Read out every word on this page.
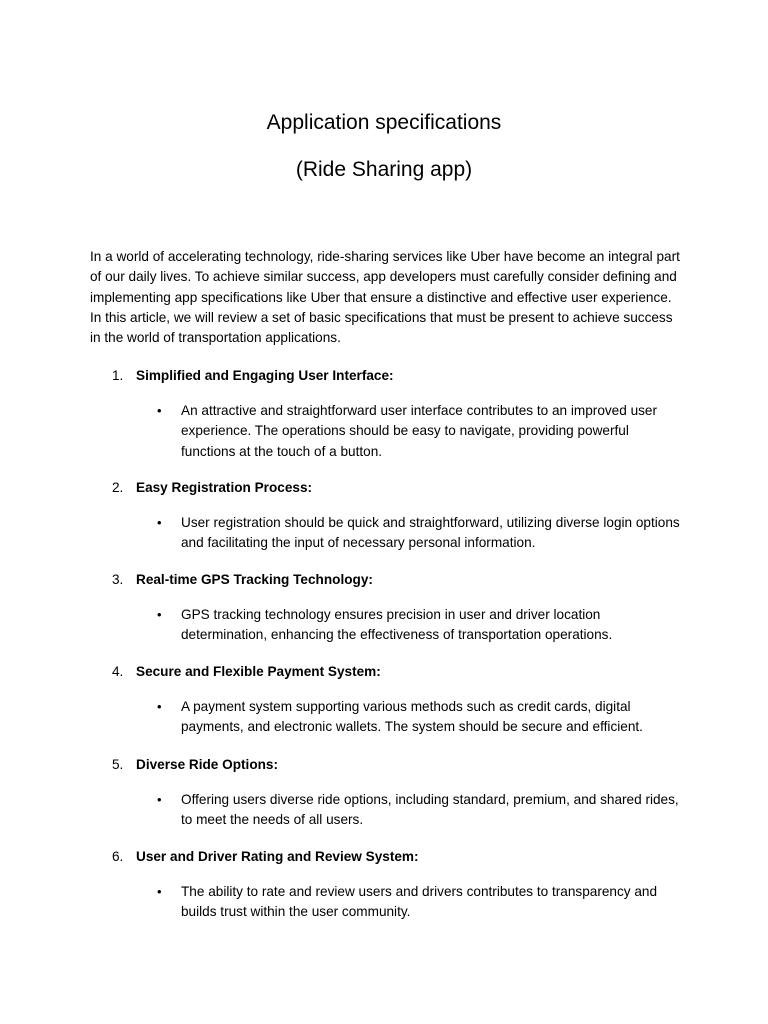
Application specifications
(Ride Sharing app)

In a world of accelerating technology, ride-sharing services like Uber have become an integral part of our daily lives. To achieve similar success, app developers must carefully consider defining and implementing app specifications like Uber that ensure a distinctive and effective user experience. In this article, we will review a set of basic specifications that must be present to achieve success in the world of transportation applications.

1. Simplified and Engaging User Interface:
•	An attractive and straightforward user interface contributes to an improved user experience. The operations should be easy to navigate, providing powerful functions at the touch of a button.
2. Easy Registration Process:
•	User registration should be quick and straightforward, utilizing diverse login options and facilitating the input of necessary personal information.
3. Real-time GPS Tracking Technology:
•	GPS tracking technology ensures precision in user and driver location determination, enhancing the effectiveness of transportation operations.
4. Secure and Flexible Payment System:
•	A payment system supporting various methods such as credit cards, digital payments, and electronic wallets. The system should be secure and efficient.
5. Diverse Ride Options:
•	Offering users diverse ride options, including standard, premium, and shared rides, to meet the needs of all users.
6. User and Driver Rating and Review System:
•	The ability to rate and review users and drivers contributes to transparency and builds trust within the user community.
